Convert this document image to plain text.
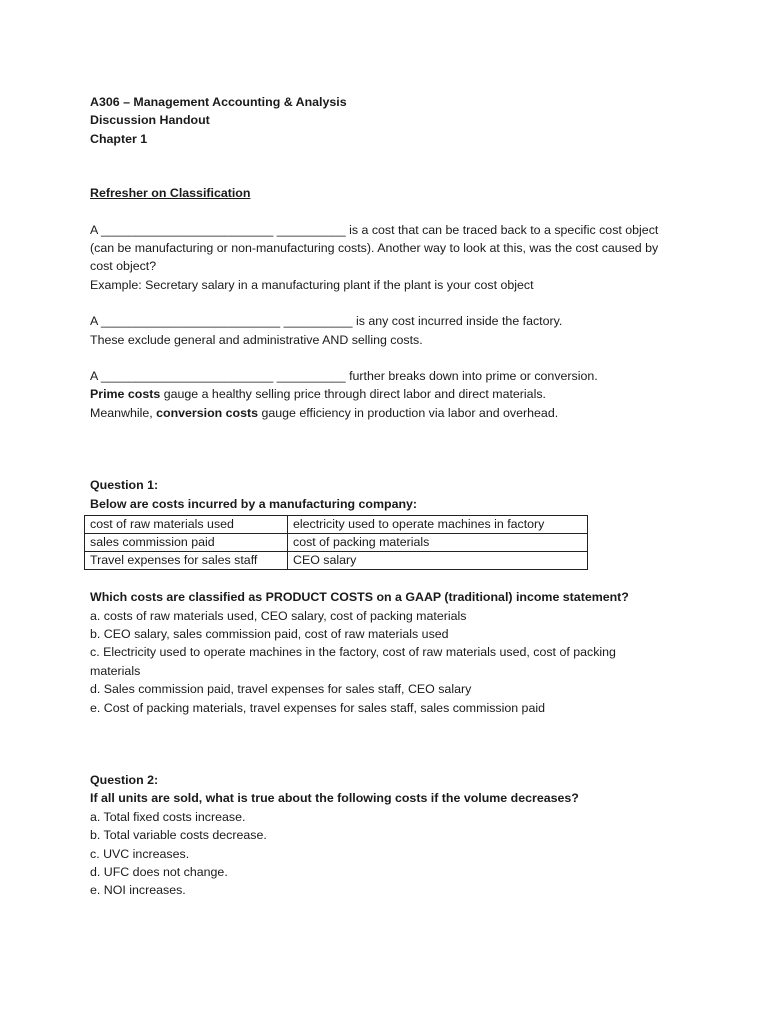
A306 – Management Accounting & Analysis

Discussion Handout

Chapter 1

Refresher on Classification

A _________________________ __________ is a cost that can be traced back to a specific cost object

(can be manufacturing or non-manufacturing costs). Another way to look at this, was the cost caused by

cost object?

Example: Secretary salary in a manufacturing plant if the plant is your cost object

A __________________________ __________ is any cost incurred inside the factory.

These exclude general and administrative AND selling costs.

A _________________________ __________ further breaks down into prime or conversion.

Prime costs gauge a healthy selling price through direct labor and direct materials.

Meanwhile, conversion costs gauge efficiency in production via labor and overhead.

Question 1:

Below are costs incurred by a manufacturing company:

cost of raw materials used	electricity used to operate machines in factory
sales commission paid	cost of packing materials
Travel expenses for sales staff	CEO salary

Which costs are classified as PRODUCT COSTS on a GAAP (traditional) income statement?

a. costs of raw materials used, CEO salary, cost of packing materials

b. CEO salary, sales commission paid, cost of raw materials used

c. Electricity used to operate machines in the factory, cost of raw materials used, cost of packing

materials

d. Sales commission paid, travel expenses for sales staff, CEO salary

e. Cost of packing materials, travel expenses for sales staff, sales commission paid

Question 2:

If all units are sold, what is true about the following costs if the volume decreases?

a. Total fixed costs increase.

b. Total variable costs decrease.

c. UVC increases.

d. UFC does not change.

e. NOI increases.
